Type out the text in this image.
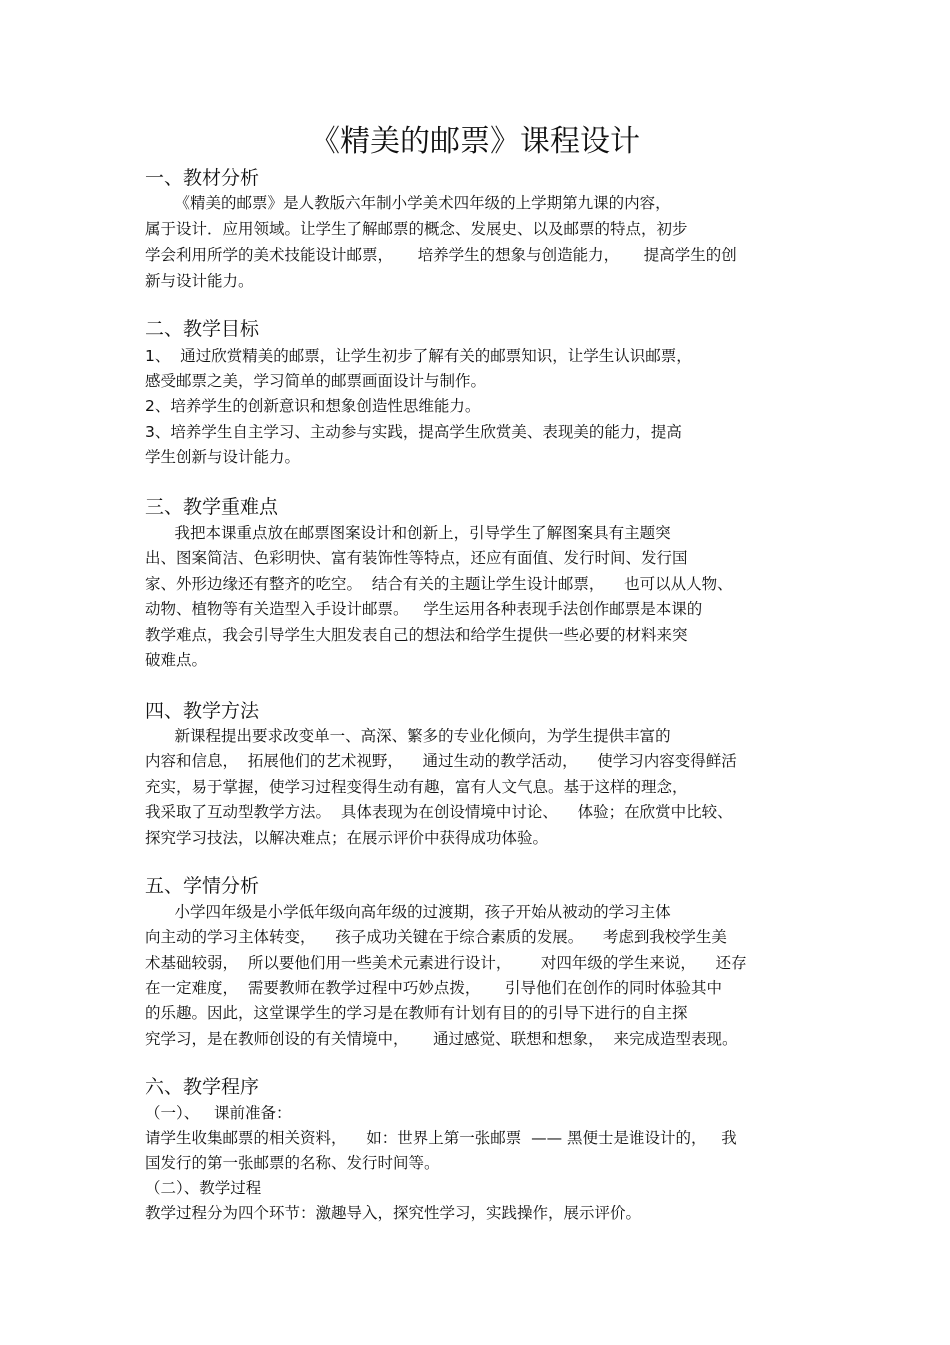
《精美的邮票》课程设计
一、教材分析
《精美的邮票》是人教版六年制小学美术四年级的上学期第九课的内容，
属于设计．应用领域。让学生了解邮票的概念、发展史、以及邮票的特点，初步
学会利用所学的美术技能设计邮票，     培养学生的想象与创造能力，     提高学生的创
新与设计能力。
二、教学目标
1、  通过欣赏精美的邮票，让学生初步了解有关的邮票知识，让学生认识邮票，
感受邮票之美，学习简单的邮票画面设计与制作。
2、培养学生的创新意识和想象创造性思维能力。
3、培养学生自主学习、主动参与实践，提高学生欣赏美、表现美的能力，提高
学生创新与设计能力。
三、教学重难点
我把本课重点放在邮票图案设计和创新上，引导学生了解图案具有主题突
出、图案简洁、色彩明快、富有装饰性等特点，还应有面值、发行时间、发行国
家、外形边缘还有整齐的吃空。  结合有关的主题让学生设计邮票，    也可以从人物、
动物、植物等有关造型入手设计邮票。   学生运用各种表现手法创作邮票是本课的
教学难点，我会引导学生大胆发表自己的想法和给学生提供一些必要的材料来突
破难点。
四、教学方法
新课程提出要求改变单一、高深、繁多的专业化倾向，为学生提供丰富的
内容和信息，  拓展他们的艺术视野，    通过生动的教学活动，    使学习内容变得鲜活
充实，易于掌握，使学习过程变得生动有趣，富有人文气息。基于这样的理念，
我采取了互动型教学方法。  具体表现为在创设情境中讨论、    体验；在欣赏中比较、
探究学习技法，以解决难点；在展示评价中获得成功体验。
五、学情分析
小学四年级是小学低年级向高年级的过渡期，孩子开始从被动的学习主体
向主动的学习主体转变，    孩子成功关键在于综合素质的发展。    考虑到我校学生美
术基础较弱，  所以要他们用一些美术元素进行设计，      对四年级的学生来说，    还存
在一定难度，  需要教师在教学过程中巧妙点拨，     引导他们在创作的同时体验其中
的乐趣。因此，这堂课学生的学习是在教师有计划有目的的引导下进行的自主探
究学习，是在教师创设的有关情境中，     通过感觉、联想和想象，  来完成造型表现。
六、教学程序
（一）、   课前准备：
请学生收集邮票的相关资料，    如：世界上第一张邮票  —— 黑便士是谁设计的，   我
国发行的第一张邮票的名称、发行时间等。
（二）、教学过程
教学过程分为四个环节：激趣导入，探究性学习，实践操作，展示评价。
